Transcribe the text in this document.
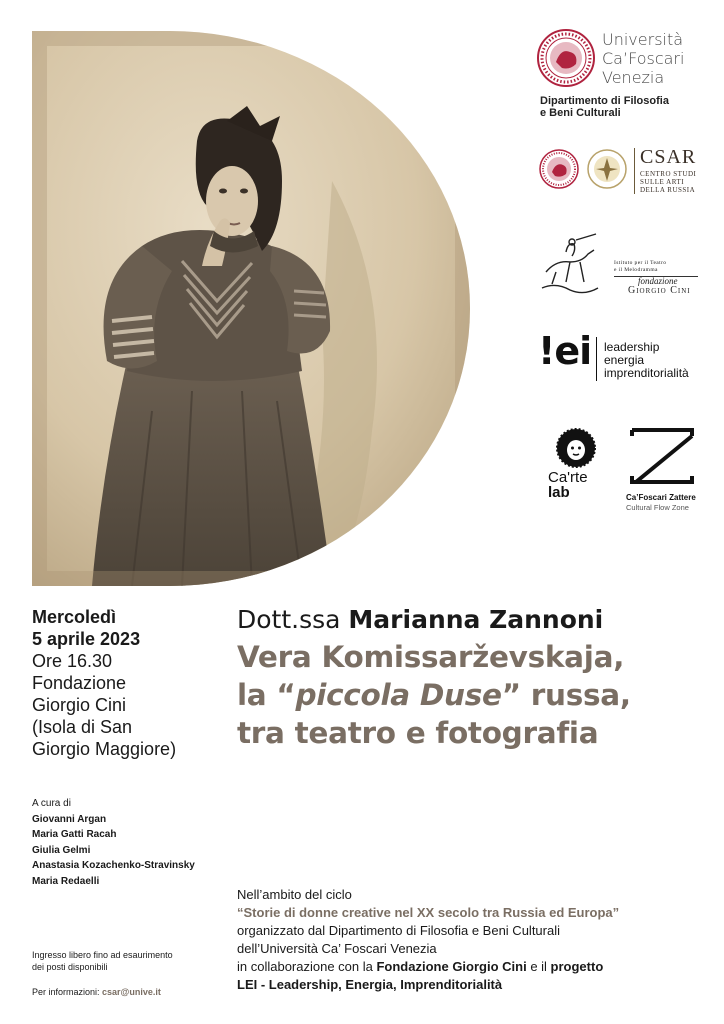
Università
Ca’Foscari
Venezia
Dipartimento di Filosofia
e Beni Culturali
CSAR
CENTRO STUDI
SULLE ARTI
DELLA RUSSIA
Istituto per il Teatro
e il Melodramma
fondazione
Giorgio Cini
!ei leadership
energia
imprenditorialità
Ca'rte
lab	Ca’Foscari Zattere
Cultural Flow Zone
Mercoledì
5 aprile 2023
Ore 16.30
Fondazione
Giorgio Cini
(Isola di San
Giorgio Maggiore)
Dott.ssa Marianna Zannoni
Vera Komissarževskaja,
la “piccola Duse” russa,
tra teatro e fotografia
A cura di
Giovanni Argan
Maria Gatti Racah
Giulia Gelmi
Anastasia Kozachenko-Stravinsky
Maria Redaelli
Nell’ambito del ciclo
“Storie di donne creative nel XX secolo tra Russia ed Europa”
organizzato dal Dipartimento di Filosofia e Beni Culturali
dell’Università Ca’ Foscari Venezia
in collaborazione con la Fondazione Giorgio Cini e il progetto
LEI - Leadership, Energia, Imprenditorialità

Ingresso libero fino ad esaurimento

dei posti disponibili

Per informazioni: csar@unive.it
